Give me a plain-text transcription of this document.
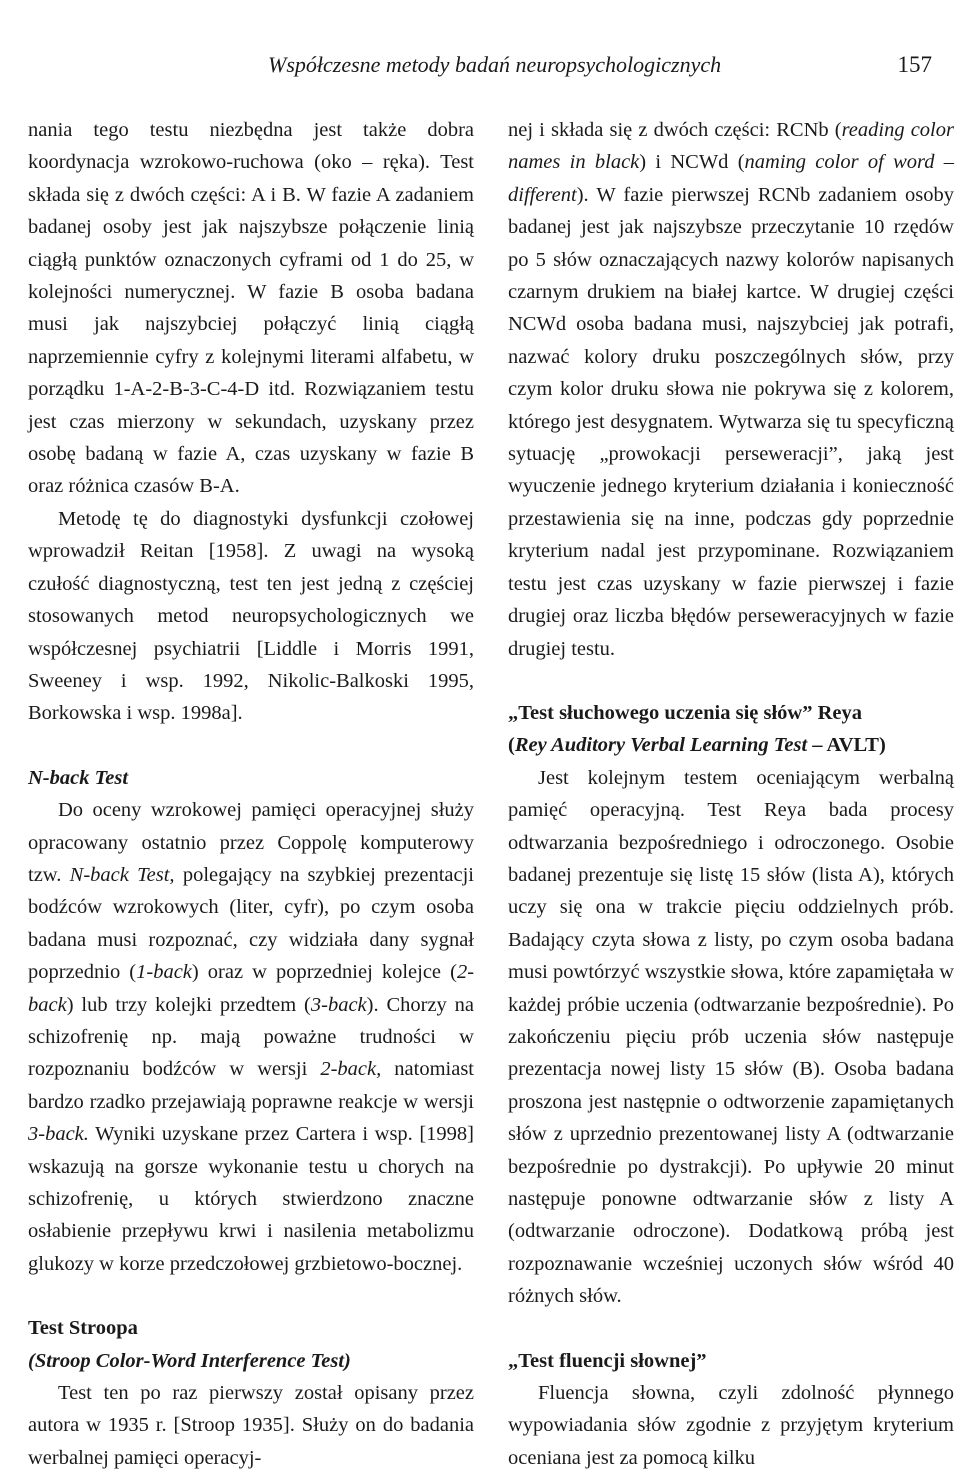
Współczesne metody badań neuropsychologicznych	157

nania tego testu niezbędna jest także dobra koordynacja wzrokowo-ruchowa (oko – ręka). Test składa się z dwóch części: A i B. W fazie A zadaniem badanej osoby jest jak najszybsze połączenie linią ciągłą punktów oznaczonych cyframi od 1 do 25, w kolejności numerycznej. W fazie B osoba badana musi jak najszybciej połączyć linią ciągłą naprzemiennie cyfry z kolejnymi literami alfabetu, w porządku 1-A-2-B-3-C-4-D itd. Rozwiązaniem testu jest czas mierzony w sekundach, uzyskany przez osobę badaną w fazie A, czas uzyskany w fazie B oraz różnica czasów B-A.

Metodę tę do diagnostyki dysfunkcji czołowej wprowadził Reitan [1958]. Z uwagi na wysoką czułość diagnostyczną, test ten jest jedną z częściej stosowanych metod neuropsychologicznych we współczesnej psychiatrii [Liddle i Morris 1991, Sweeney i wsp. 1992, Nikolic-Balkoski 1995, Borkowska i wsp. 1998a].

N-back Test

Do oceny wzrokowej pamięci operacyjnej służy opracowany ostatnio przez Coppolę komputerowy tzw. N-back Test, polegający na szybkiej prezentacji bodźców wzrokowych (liter, cyfr), po czym osoba badana musi rozpoznać, czy widziała dany sygnał poprzednio (1-back) oraz w poprzedniej kolejce (2-back) lub trzy kolejki przedtem (3-back). Chorzy na schizofrenię np. mają poważne trudności w rozpoznaniu bodźców w wersji 2-back, natomiast bardzo rzadko przejawiają poprawne reakcje w wersji 3-back. Wyniki uzyskane przez Cartera i wsp. [1998] wskazują na gorsze wykonanie testu u chorych na schizofrenię, u których stwierdzono znaczne osłabienie przepływu krwi i nasilenia metabolizmu glukozy w korze przedczołowej grzbietowo-bocznej.

Test Stroopa

(Stroop Color-Word Interference Test)

Test ten po raz pierwszy został opisany przez autora w 1935 r. [Stroop 1935]. Służy on do badania werbalnej pamięci operacyj-

nej i składa się z dwóch części: RCNb (reading color names in black) i NCWd (naming color of word – different). W fazie pierwszej RCNb zadaniem osoby badanej jest jak najszybsze przeczytanie 10 rzędów po 5 słów oznaczających nazwy kolorów napisanych czarnym drukiem na białej kartce. W drugiej części NCWd osoba badana musi, najszybciej jak potrafi, nazwać kolory druku poszczególnych słów, przy czym kolor druku słowa nie pokrywa się z kolorem, którego jest desygnatem. Wytwarza się tu specyficzną sytuację „prowokacji perseweracji”, jaką jest wyuczenie jednego kryterium działania i konieczność przestawienia się na inne, podczas gdy poprzednie kryterium nadal jest przypominane. Rozwiązaniem testu jest czas uzyskany w fazie pierwszej i fazie drugiej oraz liczba błędów perseweracyjnych w fazie drugiej testu.

„Test słuchowego uczenia się słów” Reya

(Rey Auditory Verbal Learning Test – AVLT)

Jest kolejnym testem oceniającym werbalną pamięć operacyjną. Test Reya bada procesy odtwarzania bezpośredniego i odroczonego. Osobie badanej prezentuje się listę 15 słów (lista A), których uczy się ona w trakcie pięciu oddzielnych prób. Badający czyta słowa z listy, po czym osoba badana musi powtórzyć wszystkie słowa, które zapamiętała w każdej próbie uczenia (odtwarzanie bezpośrednie). Po zakończeniu pięciu prób uczenia słów następuje prezentacja nowej listy 15 słów (B). Osoba badana proszona jest następnie o odtworzenie zapamiętanych słów z uprzednio prezentowanej listy A (odtwarzanie bezpośrednie po dystrakcji). Po upływie 20 minut następuje ponowne odtwarzanie słów z listy A (odtwarzanie odroczone). Dodatkową próbą jest rozpoznawanie wcześniej uczonych słów wśród 40 różnych słów.

„Test fluencji słownej”

Fluencja słowna, czyli zdolność płynnego wypowiadania słów zgodnie z przyjętym kryterium oceniana jest za pomocą kilku
